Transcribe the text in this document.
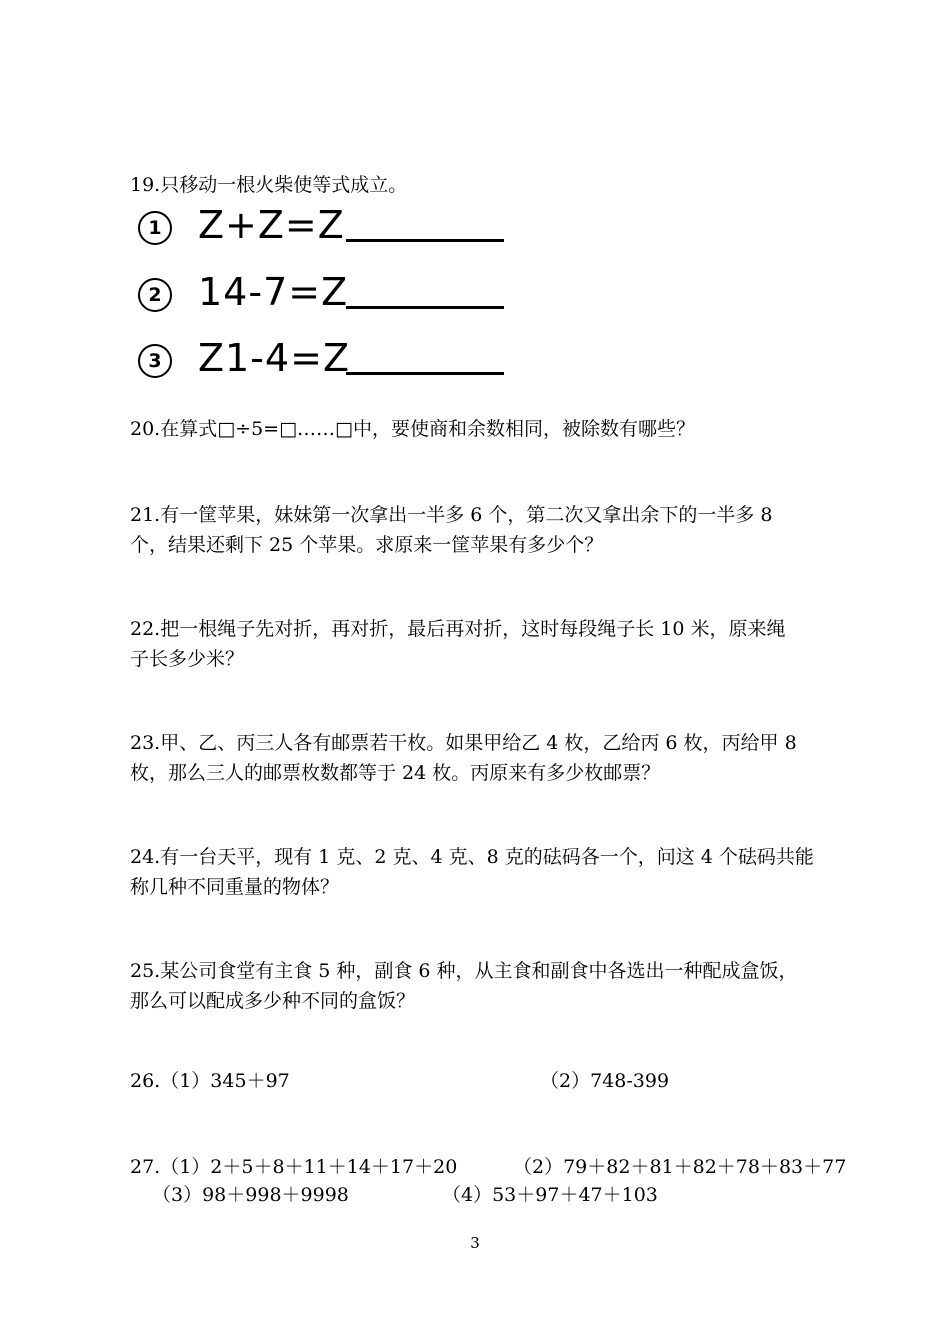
19.只移动一根火柴使等式成立。
1 Z+Z=Z
2 14-7=Z
3 Z1-4=Z
20.在算式□÷5=□……□中，要使商和余数相同，被除数有哪些？
21.有一筐苹果，妹妹第一次拿出一半多 6 个，第二次又拿出余下的一半多 8
个，结果还剩下 25 个苹果。求原来一筐苹果有多少个？
22.把一根绳子先对折，再对折，最后再对折，这时每段绳子长 10 米，原来绳
子长多少米？
23.甲、乙、丙三人各有邮票若干枚。如果甲给乙 4 枚，乙给丙 6 枚，丙给甲 8
枚，那么三人的邮票枚数都等于 24 枚。丙原来有多少枚邮票？
24.有一台天平，现有 1 克、2 克、4 克、8 克的砝码各一个，问这 4 个砝码共能
称几种不同重量的物体？
25.某公司食堂有主食 5 种，副食 6 种，从主食和副食中各选出一种配成盒饭，
那么可以配成多少种不同的盒饭？
26.（1）345＋97	（2）748-399
27.（1）2＋5＋8＋11＋14＋17＋20	（2）79＋82＋81＋82＋78＋83＋77
（3）98＋998＋9998	（4）53＋97＋47＋103
3
